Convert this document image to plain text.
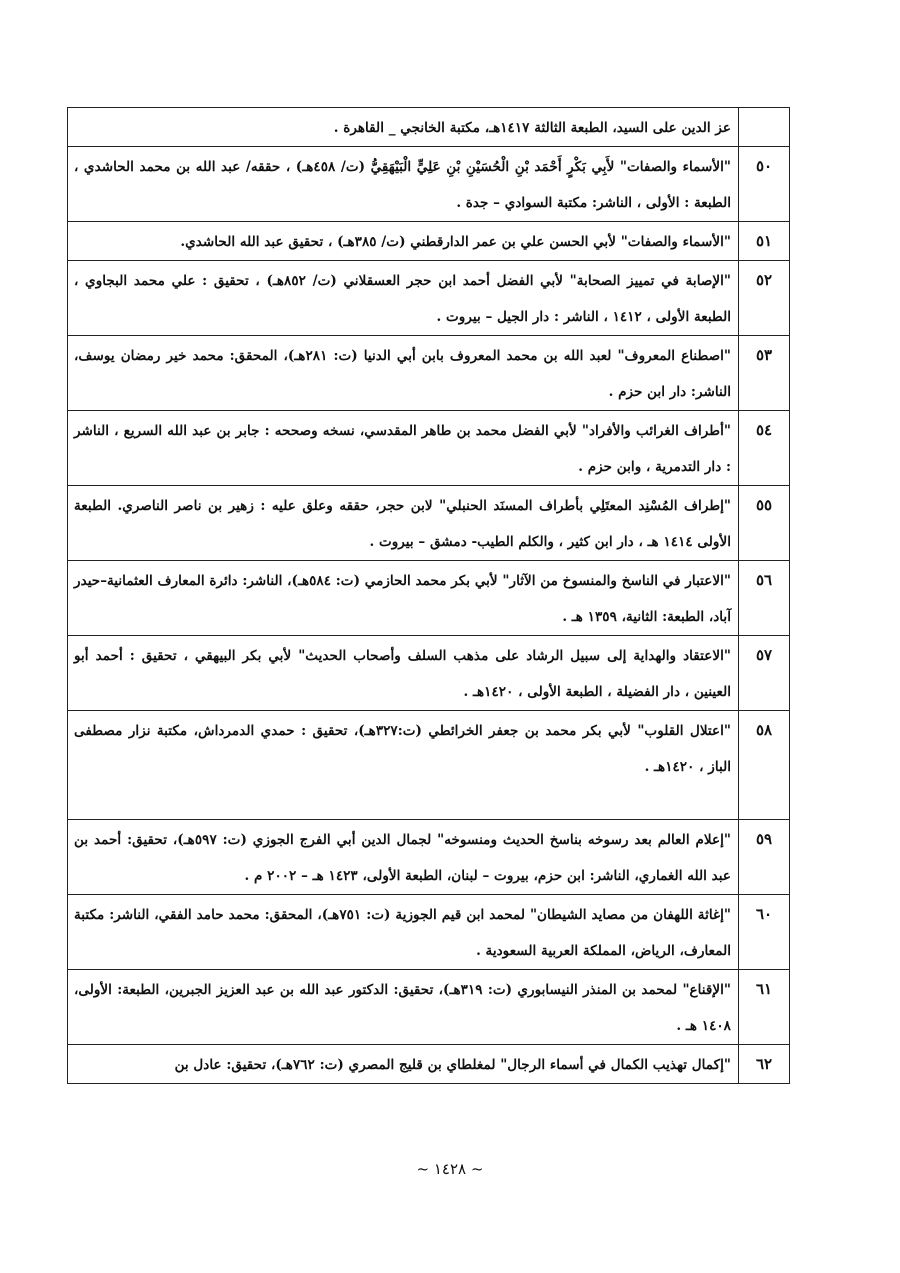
	عز الدين على السيد، الطبعة الثالثة ١٤١٧هـ، مكتبة الخانجي _ القاهرة .
٥٠	"الأسماء والصفات" لأَبِي بَكْرٍ أَحْمَد بْنِ الْحُسَيْنِ بْنِ عَلِيٍّ الْبَيْهَقِيُّ (ت/ ٤٥٨هـ) ، حققه/ عبد الله بن محمد الحاشدي ، الطبعة : الأولى ، الناشر: مكتبة السوادي – جدة .
٥١	"الأسماء والصفات" لأبي الحسن علي بن عمر الدارقطني (ت/ ٣٨٥هـ) ، تحقيق عبد الله الحاشدي.
٥٢	"الإصابة في تمييز الصحابة" لأبي الفضل أحمد ابن حجر العسقلاني (ت/ ٨٥٢هـ) ، تحقيق : علي محمد البجاوي ، الطبعة الأولى ، ١٤١٢ ، الناشر : دار الجيل – بيروت .
٥٣	"اصطناع المعروف" لعبد الله بن محمد المعروف بابن أبي الدنيا (ت: ٢٨١هـ)، المحقق: محمد خير رمضان يوسف، الناشر: دار ابن حزم .
٥٤	"أطراف الغرائب والأفراد" لأبي الفضل محمد بن طاهر المقدسي، نسخه وصححه : جابر بن عبد الله السريع ، الناشر : دار التدمرية ، وابن حزم .
٥٥	"إطراف المُسْنِد المعتَلِي بأطراف المسنَد الحنبلي" لابن حجر، حققه وعلق عليه : زهير بن ناصر الناصري. الطبعة الأولى ١٤١٤ هـ ، دار ابن كثير ، والكلم الطيب- دمشق – بيروت .
٥٦	"الاعتبار في الناسخ والمنسوخ من الآثار" لأبي بكر محمد الحازمي (ت: ٥٨٤هـ)، الناشر: دائرة المعارف العثمانية–حيدر آباد، الطبعة: الثانية، ١٣٥٩ هـ .
٥٧	"الاعتقاد والهداية إلى سبيل الرشاد على مذهب السلف وأصحاب الحديث" لأبي بكر البيهقي ، تحقيق : أحمد أبو العينين ، دار الفضيلة ، الطبعة الأولى ، ١٤٢٠هـ .
٥٨	"اعتلال القلوب" لأبي بكر محمد بن جعفر الخرائطي (ت:٣٢٧هـ)، تحقيق : حمدي الدمرداش، مكتبة نزار مصطفى الباز ، ١٤٢٠هـ .
٥٩	"إعلام العالم بعد رسوخه بناسخ الحديث ومنسوخه" لجمال الدين أبي الفرج الجوزي (ت: ٥٩٧هـ)، تحقيق: أحمد بن عبد الله الغماري، الناشر: ابن حزم، بيروت – لبنان، الطبعة الأولى، ١٤٢٣ هـ – ٢٠٠٢ م .
٦٠	"إغاثة اللهفان من مصايد الشيطان" لمحمد ابن قيم الجوزية (ت: ٧٥١هـ)، المحقق: محمد حامد الفقي، الناشر: مكتبة المعارف، الرياض، المملكة العربية السعودية .
٦١	"الإقناع" لمحمد بن المنذر النيسابوري (ت: ٣١٩هـ)، تحقيق: الدكتور عبد الله بن عبد العزيز الجبرين، الطبعة: الأولى، ١٤٠٨ هـ .
٦٢	"إكمال تهذيب الكمال في أسماء الرجال" لمغلطاي بن قليج المصري (ت: ٧٦٢هـ)، تحقيق: عادل بن
~ ١٤٢٨ ~
